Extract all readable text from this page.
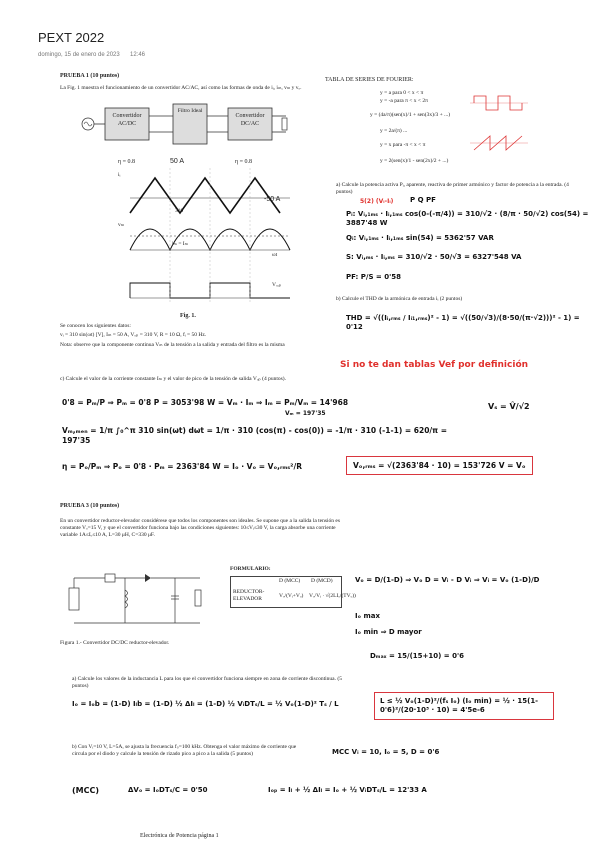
PEXT 2022
domingo, 15 de enero de 2023 12:46
PRUEBA 1 (10 puntos)
La Fig. 1 muestra el funcionamiento de un convertidor AC/AC, así como las formas de onda de iᵢ, iₘ, vₘ y vₒ.
Convertidor AC/DC
Filtro Ideal
Convertidor DC/AC
η = 0.8	η = 0.8
50 A
-50 A
310
vₘ
iₘ = Iₘ
iᵢ
ωt
Vₒ,ₚ
Fig. 1.
Se conocen los siguientes datos:
vᵢ = 310 sin(ωt) [V], Iₘ = 50 A, Vₒₚ = 310 V, R = 10 Ω, fᵢ = 50 Hz.
Nota: observe que la componente continua Vₘ de la tensión a la salida y entrada del filtro es la misma
TABLA DE SERIES DE FOURIER:
y = a para 0 < x < π
y = -a para π < x < 2π
y = (4a/π)(sen(x)/1 + sen(3x)/3 + ...)
y = 2a/(π) ...
y = x para -π < x < π
y = 2(sen(x)/1 - sen(2x)/2 + ...)
a) Calcule la potencia activa Pᵢ, aparente, reactiva de primer armónico y factor de potencia a la entrada. (4 puntos)
P Q PF
5(2) (Vᵢ-Iᵢ)
Pᵢ: Vᵢ,₁ₘₛ · Iᵢ,₁ₘₛ cos(0-(-π/4)) = 310/√2 · (8/π · 50/√2) cos(54) = 3887'48 W
Qᵢ: Vᵢ,₁ₘₛ · Iᵢ,₁ₘₛ sin(54) = 5362'57 VAR
S: Vᵢ,ₘₛ · Iᵢ,ₘₛ = 310/√2 · 50/√3 = 6327'548 VA
PF: P/S = 0'58
b) Calcule el THD de la armónica de entrada iᵢ (2 puntos)
THD = √((Iᵢ,ᵣₘₛ / Iᵢ₁,ᵣₘₛ)² - 1) = √((50/√3)/(8·50/(π·√2)))² - 1) = 0'12
Si no te dan tablas Vef por definición
c) Calcule el valor de la corriente constante Iₘ y el valor de pico de la tensión de salida Vₒₚ (4 puntos).
0'8 = Pₘ/P ⇒ Pₘ = 0'8 P = 3053'98 W = Vₘ · Iₘ ⇒ Iₘ = Pₘ/Vₘ = 14'968
Vₘ = 197'35
Vₛ = V̂/√2
Vₘ,ₘₑₙ = 1/π ∫₀^π 310 sin(ωt) dωt = 1/π · 310 (cos(π) - cos(0)) = -1/π · 310 (-1-1) = 620/π = 197'35
η = Pₒ/Pₘ ⇒ Pₒ = 0'8 · Pₘ = 2363'84 W = Iₒ · Vₒ = Vₒ,ᵣₘₛ²/R	Vₒ,ᵣₘₛ = √(2363'84 · 10) = 153'726 V = Vₒ
PRUEBA 3 (10 puntos)
En un convertidor reductor-elevador considérese que todos los componentes son ideales. Se supone que a la salida la tensión es constante Vₒ=15 V, y que el convertidor funciona bajo las condiciones siguientes: 10≤Vᵢ≤30 V, la carga absorbe una corriente variable 1A≤Iₒ≤10 A, L=30 μH, C=330 μF.
Figura 1.- Convertidor DC/DC reductor-elevador.
FORMULARIO:
D (MCC) D (MCD)
REDUCTOR-ELEVADOR	Vₒ/(Vᵢ+Vₒ) Vₒ/Vᵢ · √(2LIₒ/(TVₒ))
Vₒ = D/(1-D) ⇒ Vₒ D = Vᵢ - D Vᵢ ⇒ Vᵢ = Vₒ (1-D)/D
Iₒ max
Iₒ min ⇒ D mayor
Dₘₐₓ = 15/(15+10) = 0'6
a) Calcule los valores de la inductancia L para los que el convertidor funciona siempre en zona de corriente discontinua. (5 puntos)
Iₒ = Iₒb = (1-D) Iₗb = (1-D) ½ ΔIₗ = (1-D) ½ VᵢDTₛ/L = ½ Vₒ(1-D)² Tₛ / L	L ≤ ½ Vₒ(1-D)²/(fₛ Iₒ) (Iₒ min) = ½ · 15(1-0'6)²/(20·10³ · 10) = 4'5e-6
b) Con Vᵢ=10 V, L=5A, se ajusta la frecuencia fₛ=100 kHz. Obtenga el valor máximo de corriente que circula por el diodo y calcule la tensión de rizado pico a pico a la salida (5 puntos)	MCC Vᵢ = 10, Iₒ = 5, D = 0'6
(MCC)	ΔVₒ = IₒDTₛ/C = 0'50	Iₒₚ = Iₗ + ½ ΔIₗ = Iₒ + ½ VᵢDTₛ/L = 12'33 A
Electrónica de Potencia página 1
